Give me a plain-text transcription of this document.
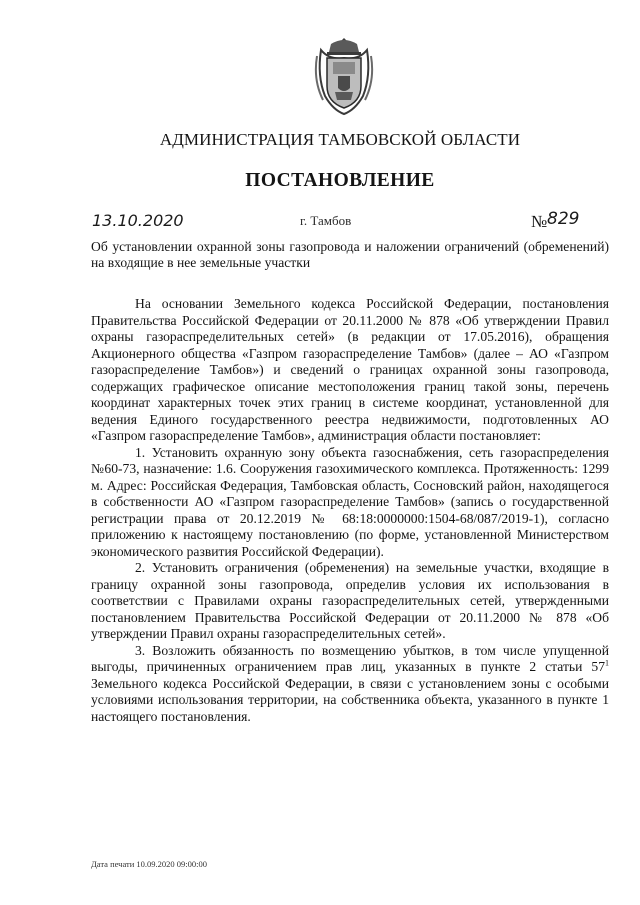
АДМИНИСТРАЦИЯ ТАМБОВСКОЙ ОБЛАСТИ
ПОСТАНОВЛЕНИЕ
13.10.2020	г. Тамбов	№ 829
Об установлении охранной зоны газопровода и наложении ограничений (обременений) на входящие в нее земельные участки

На основании Земельного кодекса Российской Федерации, постановления Правительства Российской Федерации от 20.11.2000 № 878 «Об утверждении Правил охраны газораспределительных сетей» (в редакции от 17.05.2016), обращения Акционерного общества «Газпром газораспределение Тамбов» (далее – АО «Газпром газораспределение Тамбов») и сведений о границах охранной зоны газопровода, содержащих графическое описание местоположения границ такой зоны, перечень координат характерных точек этих границ в системе координат, установленной для ведения Единого государственного реестра недвижимости, подготовленных АО «Газпром газораспределение Тамбов», администрация области постановляет:

1. Установить охранную зону объекта газоснабжения, сеть газораспределения №60-73, назначение: 1.6. Сооружения газохимического комплекса. Протяженность: 1299 м. Адрес: Российская Федерация, Тамбовская область, Сосновский район, находящегося в собственности АО «Газпром газораспределение Тамбов» (запись о государственной регистрации права от 20.12.2019 № 68:18:0000000:1504-68/087/2019-1), согласно приложению к настоящему постановлению (по форме, установленной Министерством экономического развития Российской Федерации).

2. Установить ограничения (обременения) на земельные участки, входящие в границу охранной зоны газопровода, определив условия их использования в соответствии с Правилами охраны газораспределительных сетей, утвержденными постановлением Правительства Российской Федерации от 20.11.2000 № 878 «Об утверждении Правил охраны газораспределительных сетей».

3. Возложить обязанность по возмещению убытков, в том числе упущенной выгоды, причиненных ограничением прав лиц, указанных в пункте 2 статьи $57^1$ Земельного кодекса Российской Федерации, в связи с установлением зоны с особыми условиями использования территории, на собственника объекта, указанного в пункте 1 настоящего постановления.

Дата печати 10.09.2020 09:00:00
